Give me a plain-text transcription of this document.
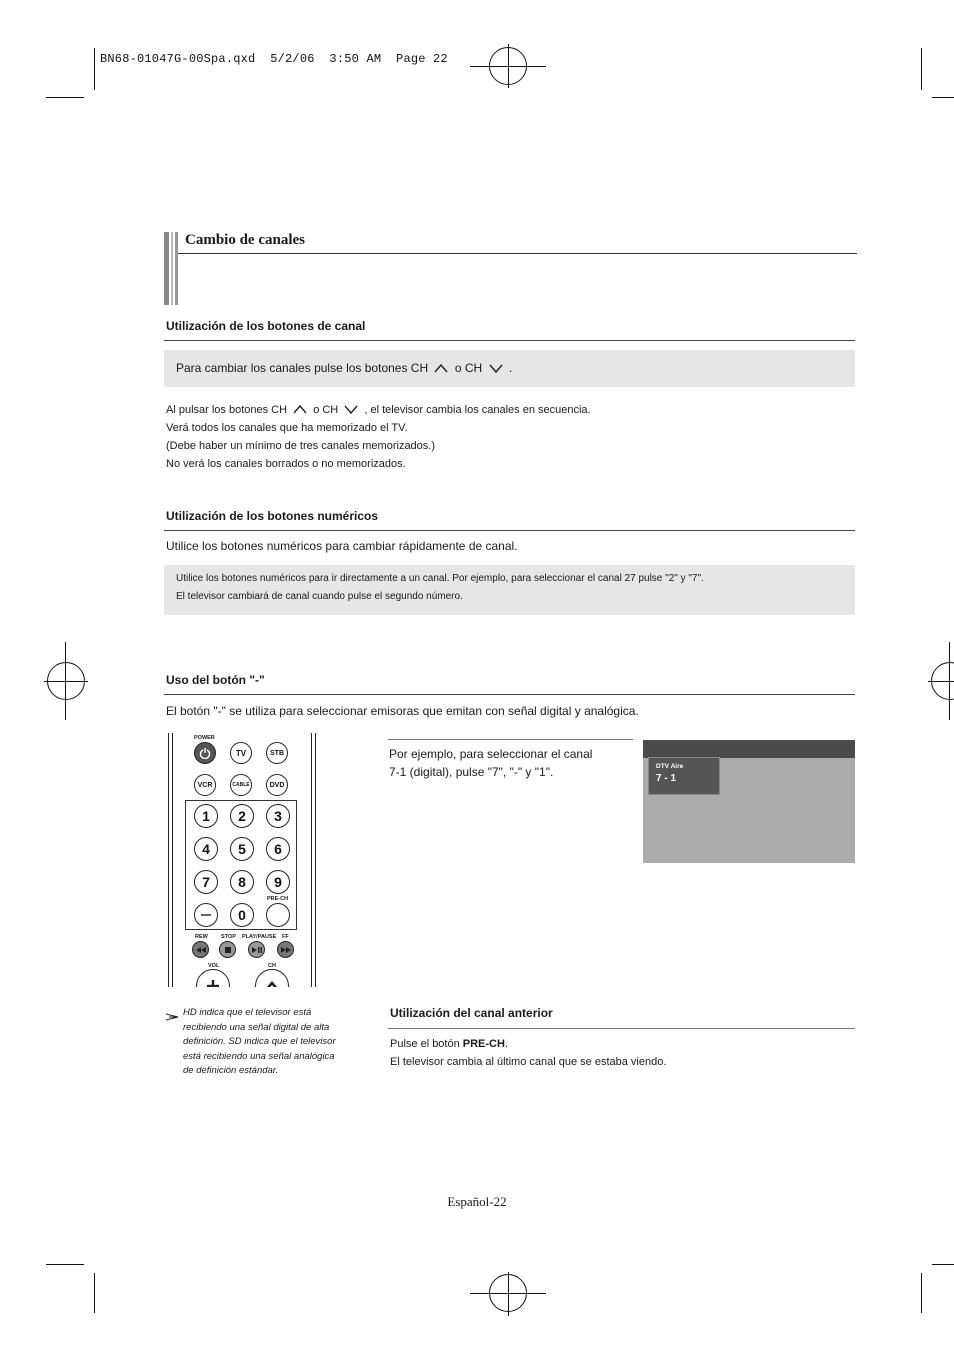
BN68-01047G-00Spa.qxd  5/2/06  3:50 AM  Page 22
Cambio de canales
Utilización de los botones de canal
Para cambiar los canales pulse los botones CH o CH .
Al pulsar los botones CH o CH , el televisor cambia los canales en secuencia.
Verá todos los canales que ha memorizado el TV.
(Debe haber un mínimo de tres canales memorizados.)
No verá los canales borrados o no memorizados.
Utilización de los botones numéricos
Utilice los botones numéricos para cambiar rápidamente de canal.
Utilice los botones numéricos para ir directamente a un canal. Por ejemplo, para seleccionar el canal 27 pulse "2" y "7".
El televisor cambiará de canal cuando pulse el segundo número.
Uso del botón "-"
El botón "-" se utiliza para seleccionar emisoras que emitan con señal digital y analógica.
POWER
TV	STB
VCR	CABLE	DVD
1	2	3
4	5	6
7	8	9
0
PRE-CH
REW STOP PLAY/PAUSE FF
VOL	CH
Por ejemplo, para seleccionar el canal
7-1 (digital), pulse "7", "-" y "1".	DTV Aire
7 - 1
HD indica que el televisor está
recibiendo una señal digital de alta
definición. SD indica que el televisor
está recibiendo una señal analógica
de definición estándar.
Utilización del canal anterior
Pulse el botón PRE-CH.
El televisor cambia al último canal que se estaba viendo.
Español-22
